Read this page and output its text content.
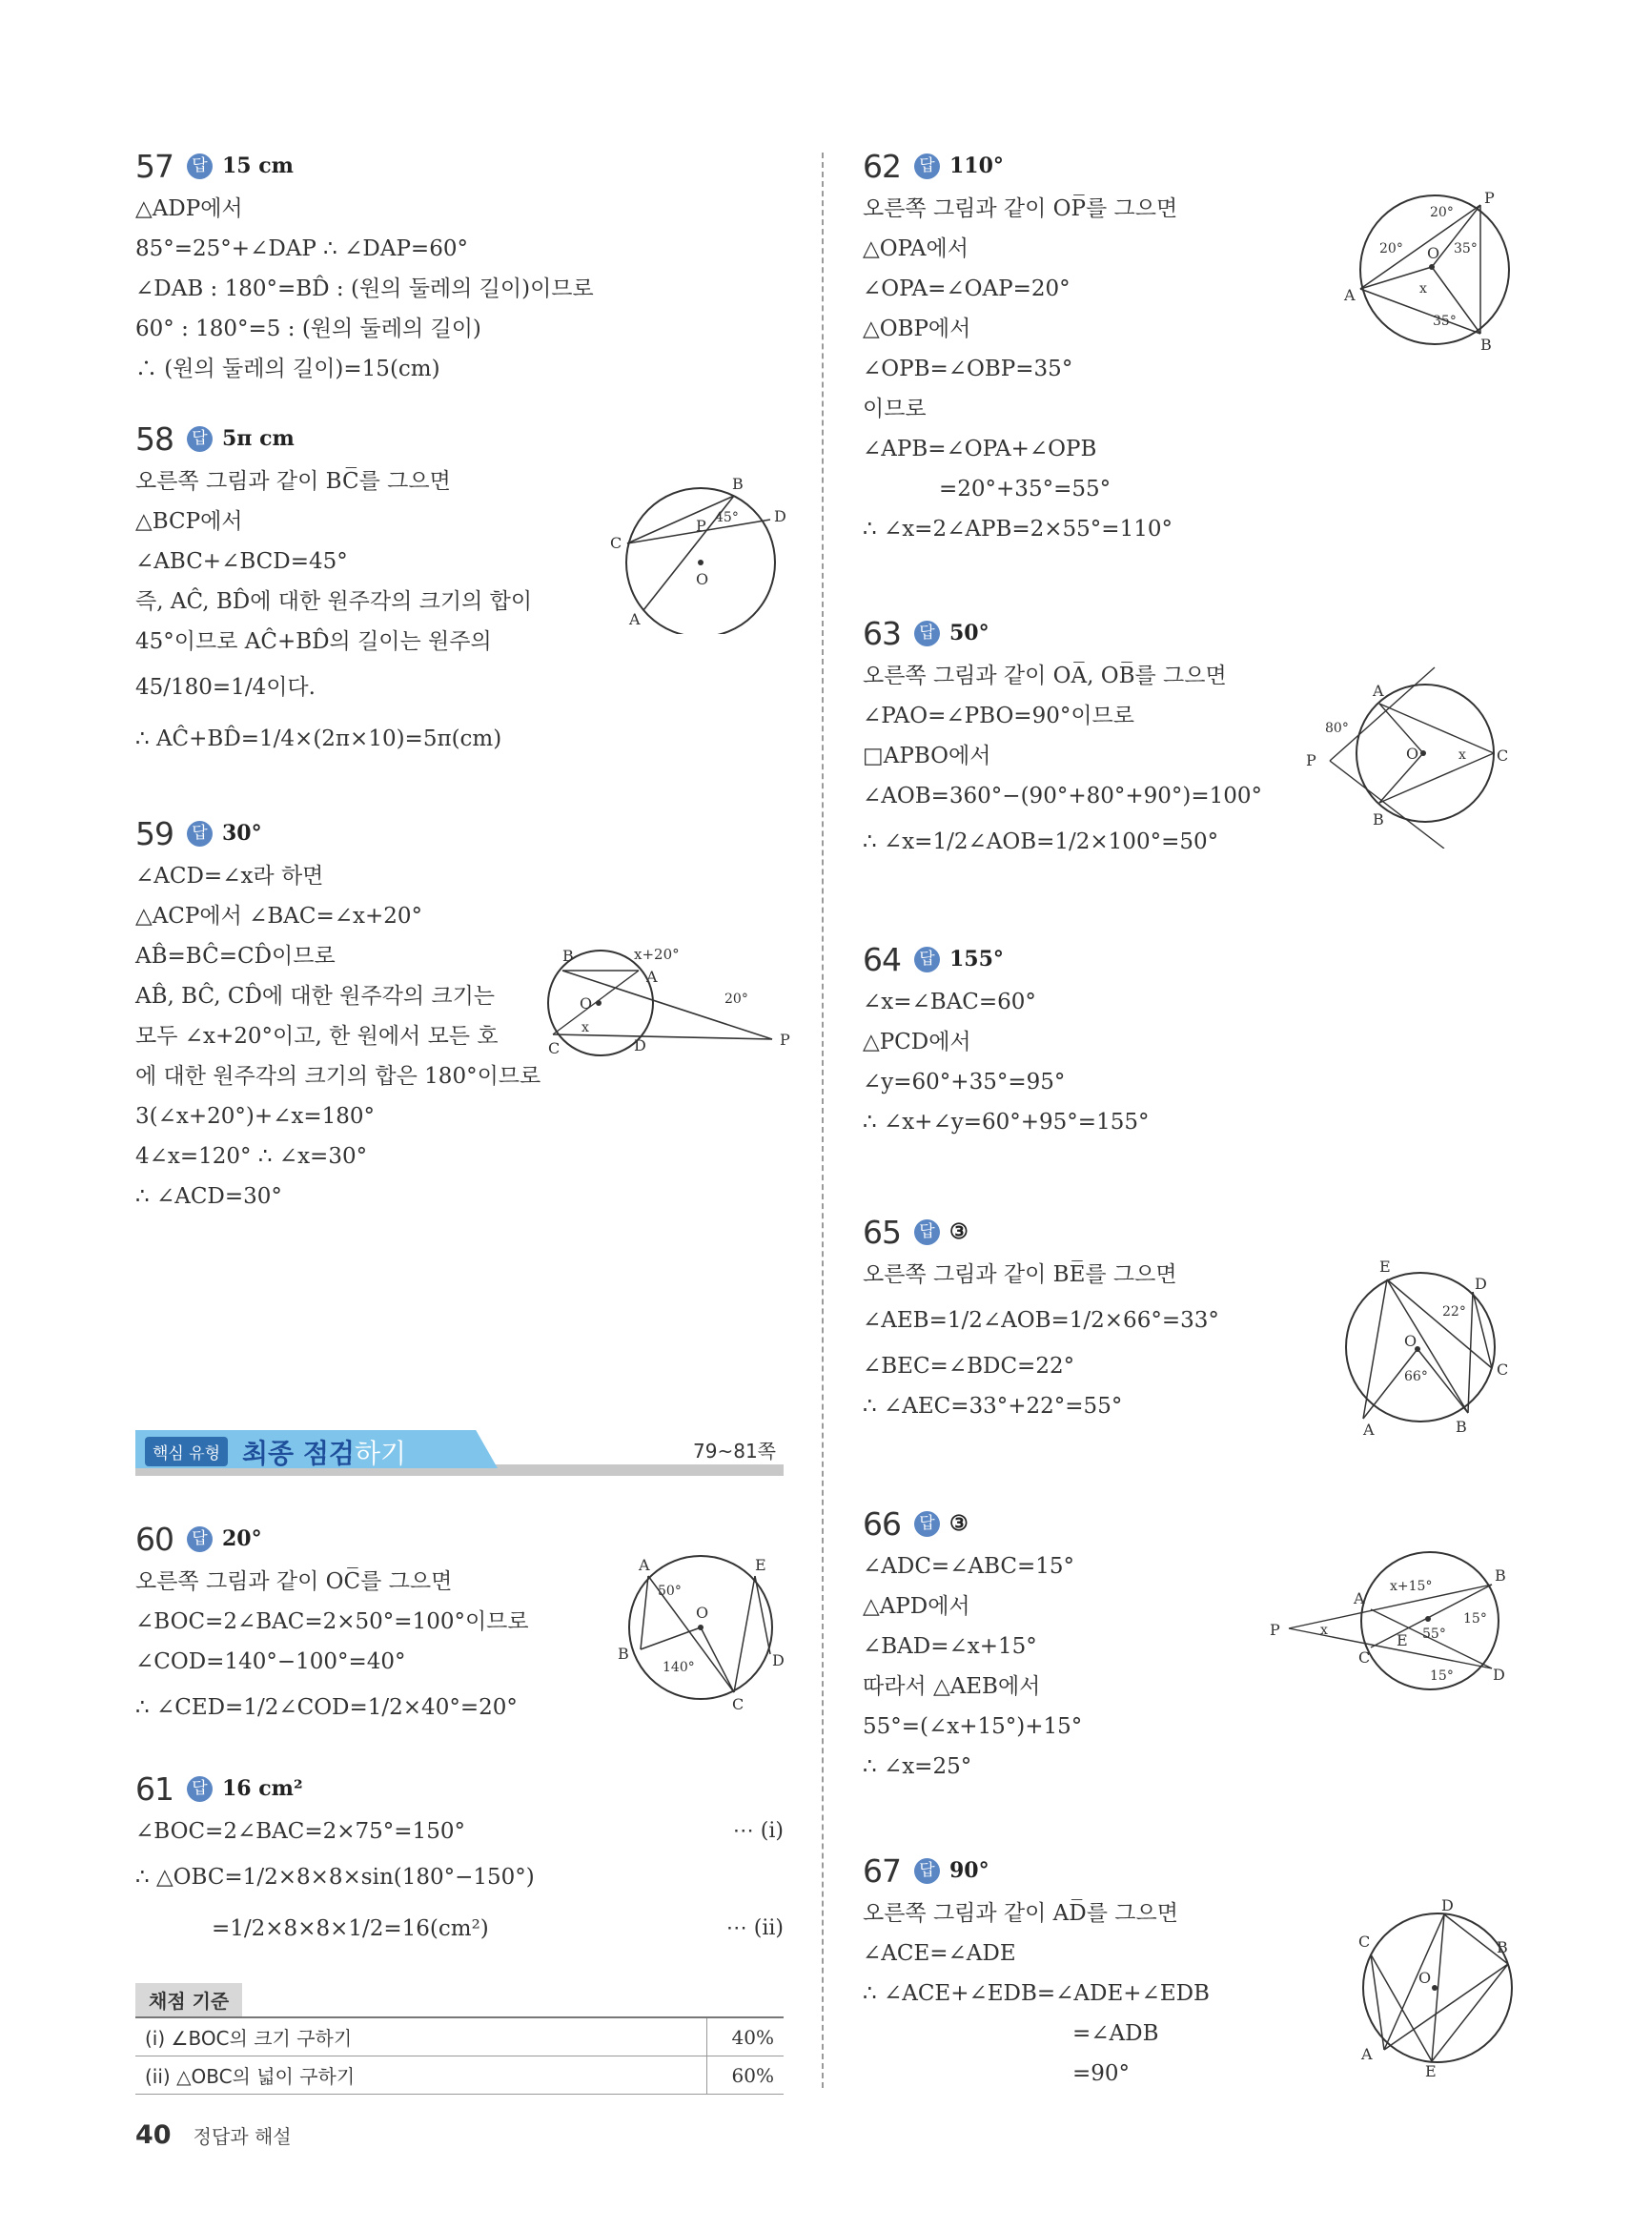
57	답 15 cm
△ADP에서
85°=25°+∠DAP ∴ ∠DAP=60°
∠DAB : 180°=BD̂ : (원의 둘레의 길이)이므로
60° : 180°=5 : (원의 둘레의 길이)
∴ (원의 둘레의 길이)=15(cm)
58	답 5π cm
오른쪽 그림과 같이 BC̅를 그으면
△BCP에서
∠ABC+∠BCD=45°
즉, AĈ, BD̂에 대한 원주각의 크기의 합이
45°이므로 AĈ+BD̂의 길이는 원주의
45/180=1/4이다.
∴ AĈ+BD̂=1/4×(2π×10)=5π(cm)
59	답 30°
∠ACD=∠x라 하면
△ACP에서 ∠BAC=∠x+20°
AB̂=BĈ=CD̂이므로
AB̂, BĈ, CD̂에 대한 원주각의 크기는
모두 ∠x+20°이고, 한 원에서 모든 호
에 대한 원주각의 크기의 합은 180°이므로
3(∠x+20°)+∠x=180°
4∠x=120° ∴ ∠x=30°
∴ ∠ACD=30°
60	답 20°
오른쪽 그림과 같이 OC̅를 그으면
∠BOC=2∠BAC=2×50°=100°이므로
∠COD=140°−100°=40°
∴ ∠CED=1/2∠COD=1/2×40°=20°
61	답 16 cm²
∠BOC=2∠BAC=2×75°=150°	⋯ (i)
∴ △OBC=1/2×8×8×sin(180°−150°)
=1/2×8×8×1/2=16(cm²)	⋯ (ii)
62	답 110°
오른쪽 그림과 같이 OP̅를 그으면
△OPA에서
∠OPA=∠OAP=20°
△OBP에서
∠OPB=∠OBP=35°
이므로
∠APB=∠OPA+∠OPB
=20°+35°=55°
∴ ∠x=2∠APB=2×55°=110°
63	답 50°
오른쪽 그림과 같이 OA̅, OB̅를 그으면
∠PAO=∠PBO=90°이므로
□APBO에서
∠AOB=360°−(90°+80°+90°)=100°
∴ ∠x=1/2∠AOB=1/2×100°=50°
64	답 155°
∠x=∠BAC=60°
△PCD에서
∠y=60°+35°=95°
∴ ∠x+∠y=60°+95°=155°
65	답 ③
오른쪽 그림과 같이 BE̅를 그으면
∠AEB=1/2∠AOB=1/2×66°=33°
∠BEC=∠BDC=22°
∴ ∠AEC=33°+22°=55°
66	답 ③
∠ADC=∠ABC=15°
△APD에서
∠BAD=∠x+15°
따라서 △AEB에서
55°=(∠x+15°)+15°
∴ ∠x=25°
67	답 90°
오른쪽 그림과 같이 AD̅를 그으면
∠ACE=∠ADE
∴ ∠ACE+∠EDB=∠ADE+∠EDB
=∠ADB
=90°
핵심 유형 최종 점검하기	79~81쪽
채점 기준
(i) ∠BOC의 크기 구하기	40%
(ii) △OBC의 넓이 구하기	60%
40 정답과 해설
B
D
C
P 45°
O
A
B	x+20°
A
O
x
C	D
20°
P
A
50°
E
O
B
140°	D
C
P
20°
20°	35°
A
O
x
35°
B
A
80°
P	O	x C
B
E
D
22°
O
66°	C
A	B
A
x+15°
B
P	x
15°
55°
E
C
15°	D
D
C	B
O
A
E
